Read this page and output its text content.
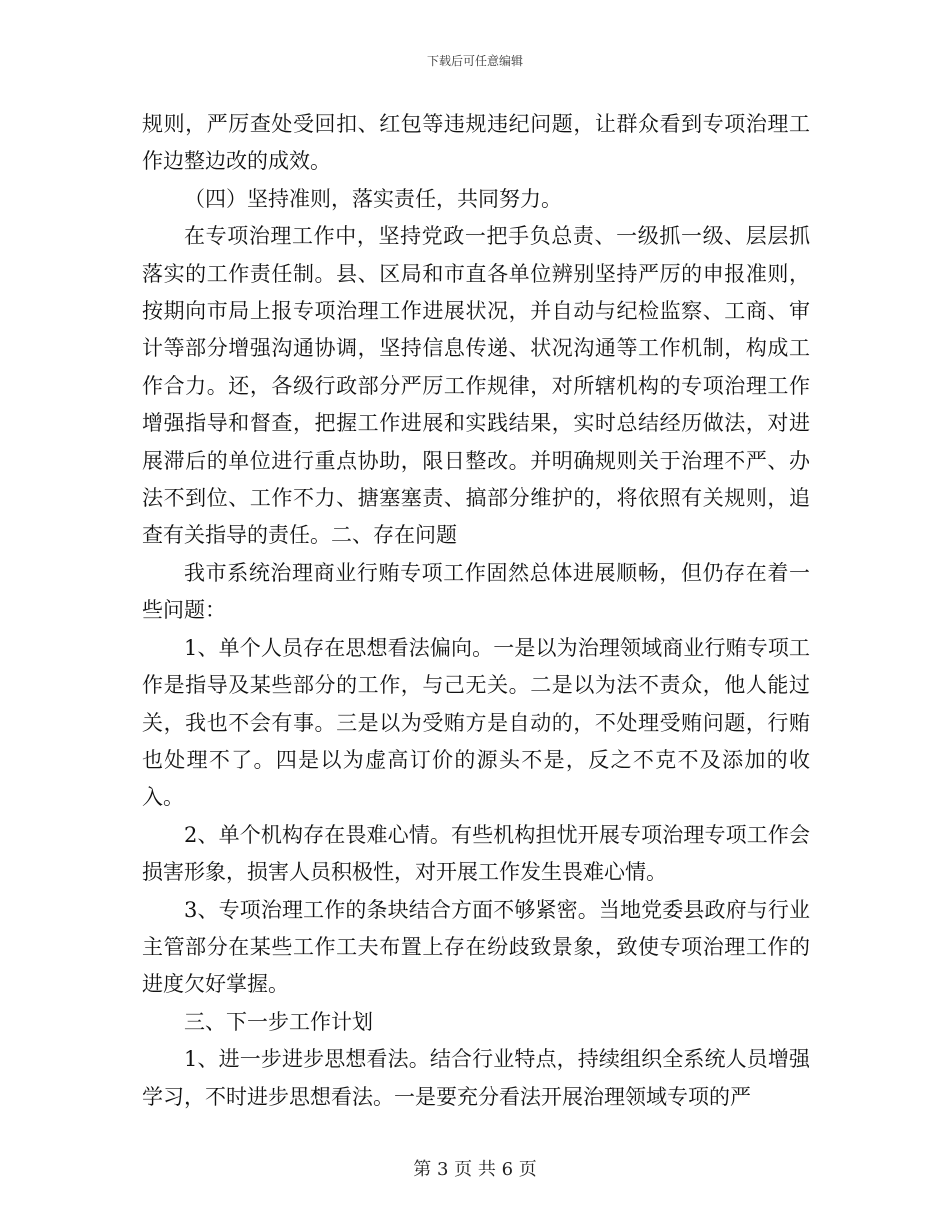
下载后可任意编辑

规则，严厉查处受回扣、红包等违规违纪问题，让群众看到专项治理工作边整边改的成效。

（四）坚持准则，落实责任，共同努力。

在专项治理工作中，坚持党政一把手负总责、一级抓一级、层层抓落实的工作责任制。县、区局和市直各单位辨别坚持严厉的申报准则，按期向市局上报专项治理工作进展状况，并自动与纪检监察、工商、审计等部分增强沟通协调，坚持信息传递、状况沟通等工作机制，构成工作合力。还，各级行政部分严厉工作规律，对所辖机构的专项治理工作增强指导和督查，把握工作进展和实践结果，实时总结经历做法，对进展滞后的单位进行重点协助，限日整改。并明确规则关于治理不严、办法不到位、工作不力、搪塞塞责、搞部分维护的，将依照有关规则，追查有关指导的责任。二、存在问题

我市系统治理商业行贿专项工作固然总体进展顺畅，但仍存在着一些问题：

1、单个人员存在思想看法偏向。一是以为治理领域商业行贿专项工作是指导及某些部分的工作，与己无关。二是以为法不责众，他人能过关，我也不会有事。三是以为受贿方是自动的，不处理受贿问题，行贿也处理不了。四是以为虚高订价的源头不是，反之不克不及添加的收入。

2、单个机构存在畏难心情。有些机构担忧开展专项治理专项工作会损害形象，损害人员积极性，对开展工作发生畏难心情。

3、专项治理工作的条块结合方面不够紧密。当地党委县政府与行业主管部分在某些工作工夫布置上存在纷歧致景象，致使专项治理工作的进度欠好掌握。

三、下一步工作计划

1、进一步进步思想看法。结合行业特点，持续组织全系统人员增强学习，不时进步思想看法。一是要充分看法开展治理领域专项的严

第 3 页 共 6 页
